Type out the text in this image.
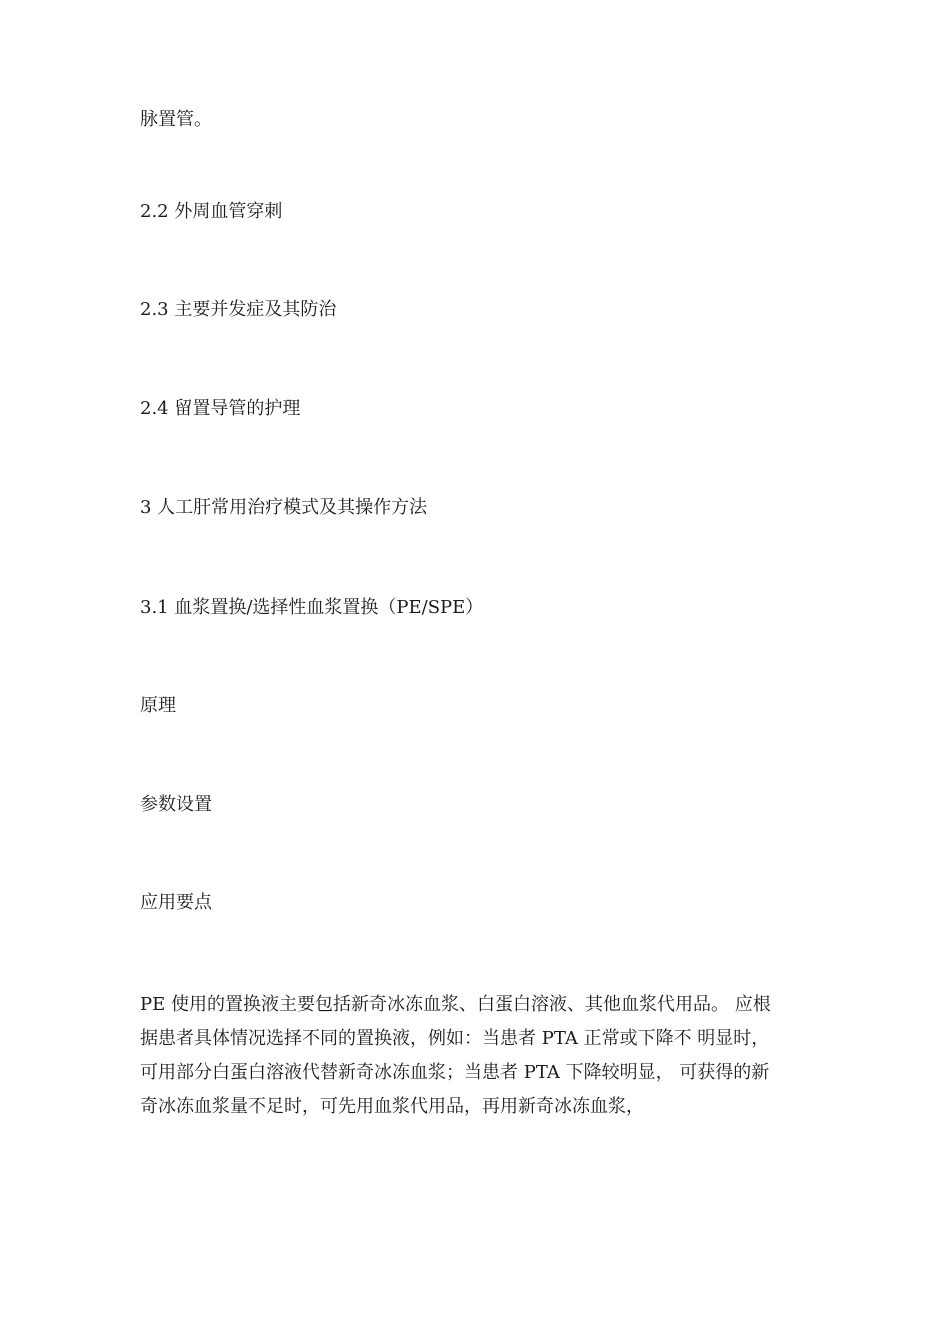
脉置管。
2.2 外周血管穿刺
2.3 主要并发症及其防治
2.4 留置导管的护理
3 人工肝常用治疗模式及其操作方法
3.1 血浆置换/选择性血浆置换（PE/SPE）
原理
参数设置
应用要点
PE 使用的置换液主要包括新奇冰冻血浆、白蛋白溶液、其他血浆代用品。 应根
据患者具体情况选择不同的置换液，例如：当患者 PTA 正常或下降不 明显时，
可用部分白蛋白溶液代替新奇冰冻血浆；当患者 PTA 下降较明显， 可获得的新
奇冰冻血浆量不足时，可先用血浆代用品，再用新奇冰冻血浆，
